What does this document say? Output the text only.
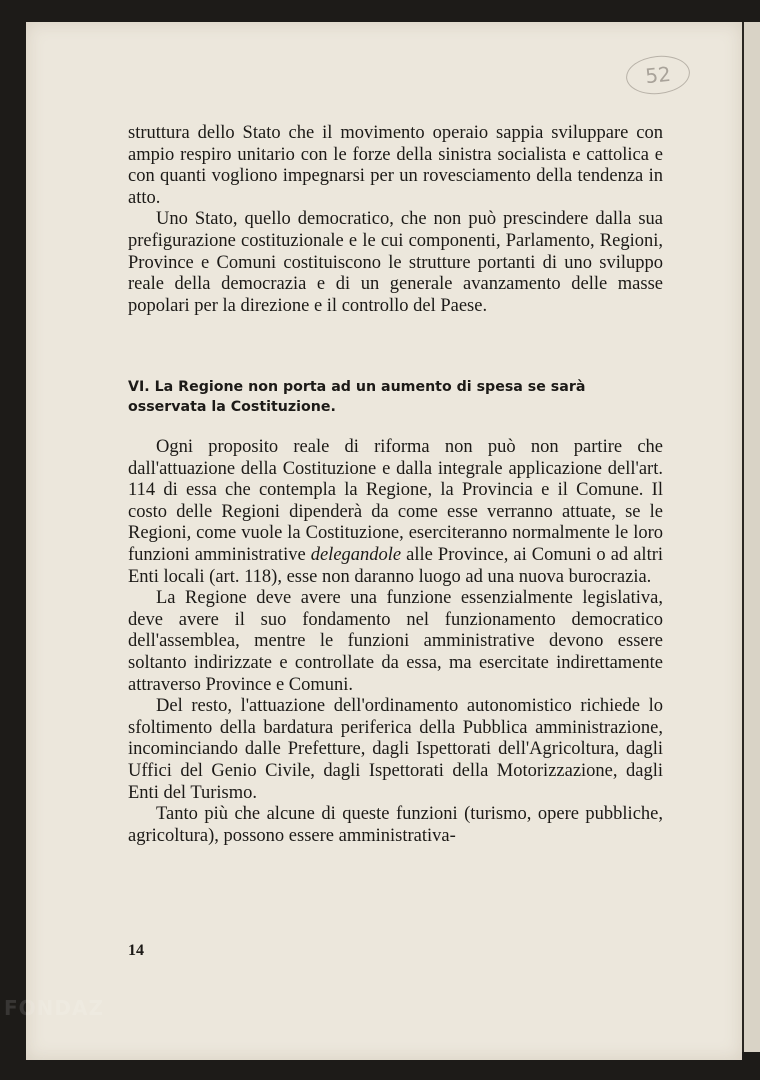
52

struttura dello Stato che il movimento operaio sappia sviluppare con ampio respiro unitario con le forze della sinistra socialista e cattolica e con quanti vogliono impegnarsi per un rovesciamento della tendenza in atto.

Uno Stato, quello democratico, che non può prescindere dalla sua prefigurazione costituzionale e le cui componenti, Parlamento, Regioni, Province e Comuni costituiscono le strutture portanti di uno sviluppo reale della democrazia e di un generale avanzamento delle masse popolari per la direzione e il controllo del Paese.

VI. La Regione non porta ad un aumento di spesa se sarà osservata la Costituzione.

Ogni proposito reale di riforma non può non partire che dall'attuazione della Costituzione e dalla integrale applicazione dell'art. 114 di essa che contempla la Regione, la Provincia e il Comune. Il costo delle Regioni dipenderà da come esse verranno attuate, se le Regioni, come vuole la Costituzione, eserciteranno normalmente le loro funzioni amministrative delegandole alle Province, ai Comuni o ad altri Enti locali (art. 118), esse non daranno luogo ad una nuova burocrazia.

La Regione deve avere una funzione essenzialmente legislativa, deve avere il suo fondamento nel funzionamento democratico dell'assemblea, mentre le funzioni amministrative devono essere soltanto indirizzate e controllate da essa, ma esercitate indirettamente attraverso Province e Comuni.

Del resto, l'attuazione dell'ordinamento autonomistico richiede lo sfoltimento della bardatura periferica della Pubblica amministrazione, incominciando dalle Prefetture, dagli Ispettorati dell'Agricoltura, dagli Uffici del Genio Civile, dagli Ispettorati della Motorizzazione, dagli Enti del Turismo.

Tanto più che alcune di queste funzioni (turismo, opere pubbliche, agricoltura), possono essere amministrativa-

14
FONDAZ
